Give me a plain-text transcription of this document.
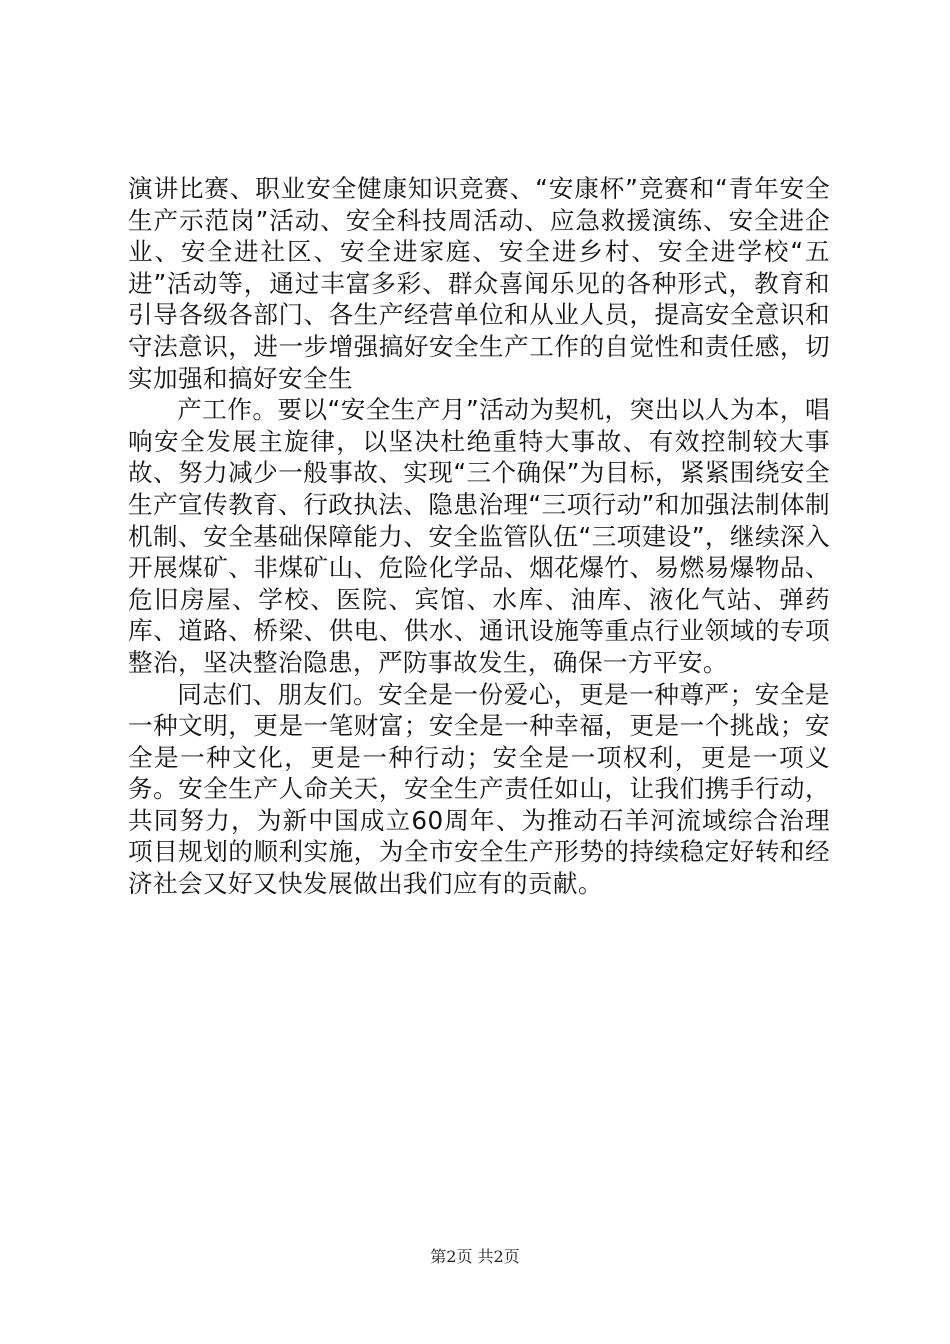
演讲比赛、职业安全健康知识竞赛、“安康杯”竞赛和“青年安全生产示范岗”活动、安全科技周活动、应急救援演练、安全进企业、安全进社区、安全进家庭、安全进乡村、安全进学校“五进”活动等，通过丰富多彩、群众喜闻乐见的各种形式，教育和引导各级各部门、各生产经营单位和从业人员，提高安全意识和守法意识，进一步增强搞好安全生产工作的自觉性和责任感，切实加强和搞好安全生

产工作。要以“安全生产月”活动为契机，突出以人为本，唱响安全发展主旋律，以坚决杜绝重特大事故、有效控制较大事故、努力减少一般事故、实现“三个确保”为目标，紧紧围绕安全生产宣传教育、行政执法、隐患治理“三项行动”和加强法制体制机制、安全基础保障能力、安全监管队伍“三项建设”，继续深入开展煤矿、非煤矿山、危险化学品、烟花爆竹、易燃易爆物品、危旧房屋、学校、医院、宾馆、水库、油库、液化气站、弹药库、道路、桥梁、供电、供水、通讯设施等重点行业领域的专项整治，坚决整治隐患，严防事故发生，确保一方平安。

同志们、朋友们。安全是一份爱心，更是一种尊严；安全是一种文明，更是一笔财富；安全是一种幸福，更是一个挑战；安全是一种文化，更是一种行动；安全是一项权利，更是一项义务。安全生产人命关天，安全生产责任如山，让我们携手行动，共同努力，为新中国成立60周年、为推动石羊河流域综合治理项目规划的顺利实施，为全市安全生产形势的持续稳定好转和经济社会又好又快发展做出我们应有的贡献。

第2页 共2页
